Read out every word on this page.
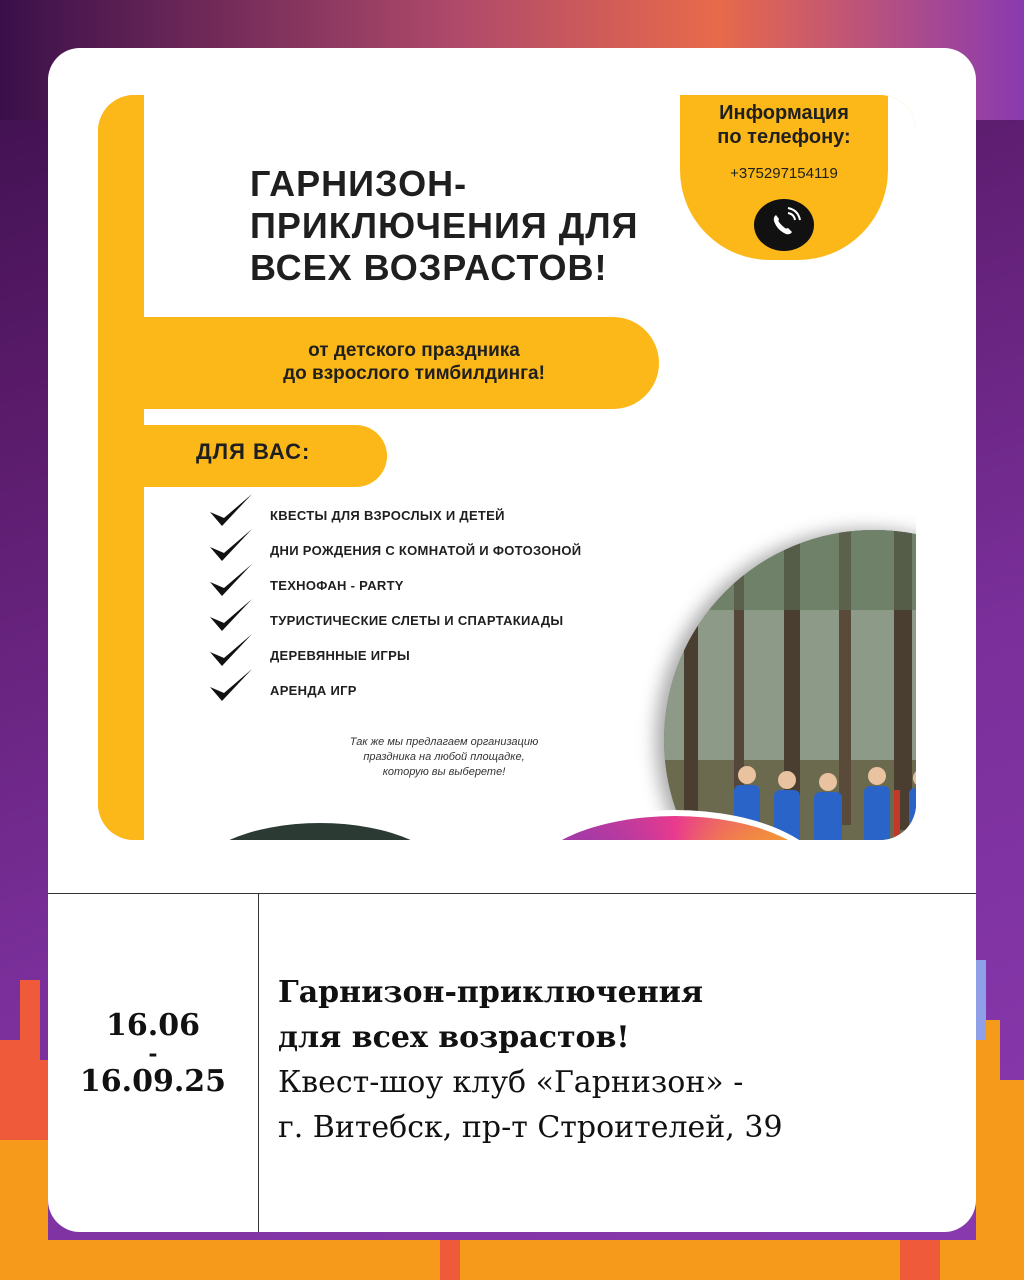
ГАРНИЗОН-
ПРИКЛЮЧЕНИЯ ДЛЯ
ВСЕХ ВОЗРАСТОВ!
Информация
по телефону:
+375297154119
от детского праздника
до взрослого тимбилдинга!
ДЛЯ ВАС:
КВЕСТЫ ДЛЯ ВЗРОСЛЫХ И ДЕТЕЙ
ДНИ РОЖДЕНИЯ С КОМНАТОЙ И ФОТОЗОНОЙ
ТЕХНОФАН - PARTY
ТУРИСТИЧЕСКИЕ СЛЕТЫ И СПАРТАКИАДЫ
ДЕРЕВЯННЫЕ ИГРЫ
АРЕНДА ИГР
Так же мы предлагаем организацию
праздника на любой площадке,
которую вы выберете!
16.06
-
16.09.25

Гарнизон-приключения
для всех возрастов!

Квест-шоу клуб «Гарнизон» -
г. Витебск, пр-т Строителей, 39
